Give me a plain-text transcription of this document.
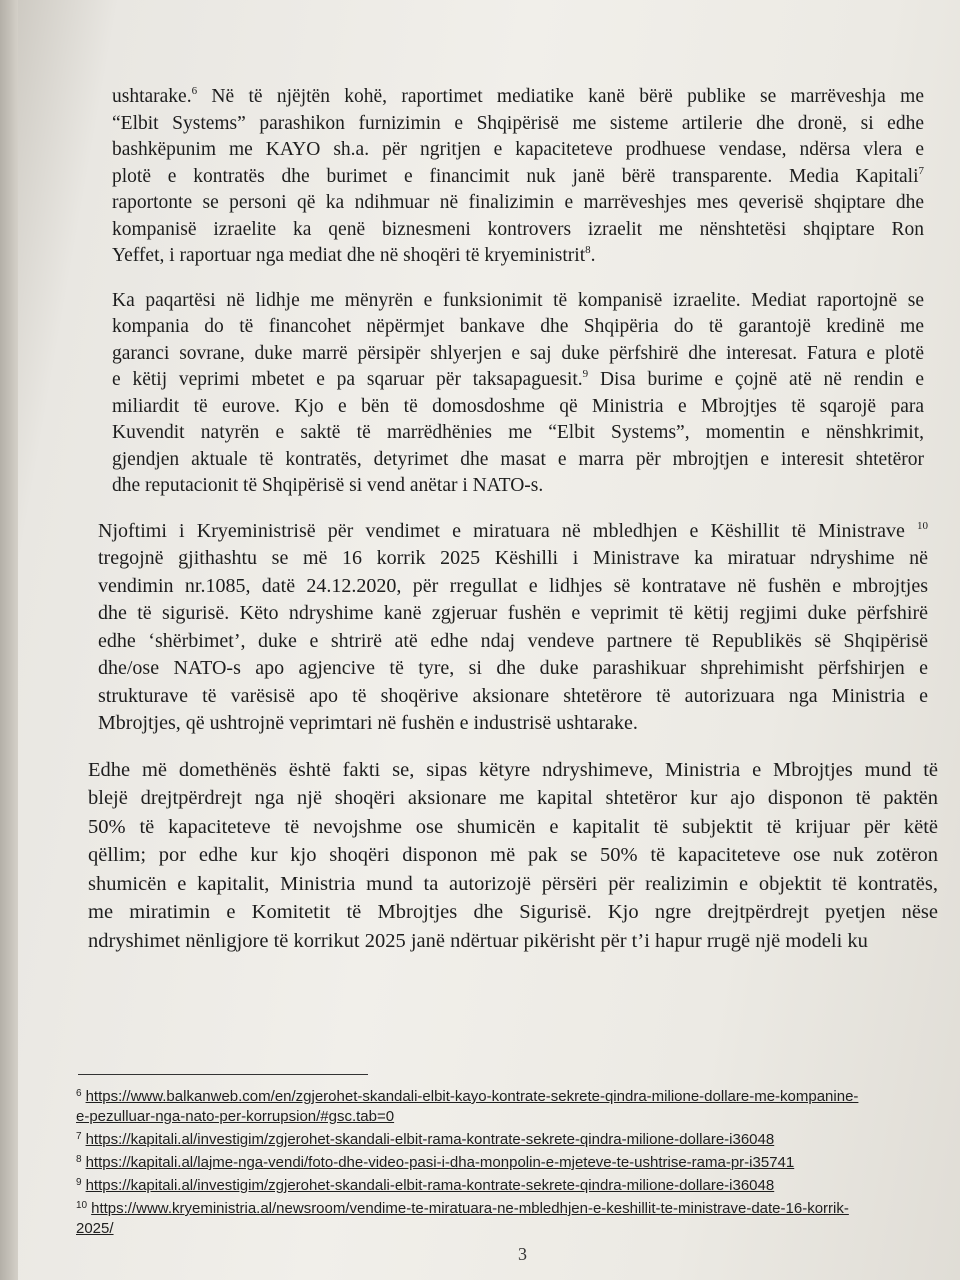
ushtarake.$^6$ Në të njëjtën kohë, raportimet mediatike kanë bërë publike se marrëveshja me
“Elbit Systems” parashikon furnizimin e Shqipërisë me sisteme artilerie dhe dronë, si edhe
bashkëpunim me KAYO sh.a. për ngritjen e kapaciteteve prodhuese vendase, ndërsa vlera e
plotë e kontratës dhe burimet e financimit nuk janë bërë transparente. Media Kapitali$^7$
raportonte se personi që ka ndihmuar në finalizimin e marrëveshjes mes qeverisë shqiptare dhe
kompanisë izraelite ka qenë biznesmeni kontrovers izraelit me nënshtetësi shqiptare Ron
Yeffet, i raportuar nga mediat dhe në shoqëri të kryeministrit$^8$.

Ka paqartësi në lidhje me mënyrën e funksionimit të kompanisë izraelite. Mediat raportojnë se
kompania do të financohet nëpërmjet bankave dhe Shqipëria do të garantojë kredinë me
garanci sovrane, duke marrë përsipër shlyerjen e saj duke përfshirë dhe interesat. Fatura e plotë
e këtij veprimi mbetet e pa sqaruar për taksapaguesit.$^9$ Disa burime e çojnë atë në rendin e
miliardit të eurove. Kjo e bën të domosdoshme që Ministria e Mbrojtjes të sqarojë para
Kuvendit natyrën e saktë të marrëdhënies me “Elbit Systems”, momentin e nënshkrimit,
gjendjen aktuale të kontratës, detyrimet dhe masat e marra për mbrojtjen e interesit shtetëror
dhe reputacionit të Shqipërisë si vend anëtar i NATO-s.

Njoftimi i Kryeministrisë për vendimet e miratuara në mbledhjen e Këshillit të Ministrave $^{10}$
tregojnë gjithashtu se më 16 korrik 2025 Këshilli i Ministrave ka miratuar ndryshime në
vendimin nr.1085, datë 24.12.2020, për rregullat e lidhjes së kontratave në fushën e mbrojtjes
dhe të sigurisë. Këto ndryshime kanë zgjeruar fushën e veprimit të këtij regjimi duke përfshirë
edhe ‘shërbimet’, duke e shtrirë atë edhe ndaj vendeve partnere të Republikës së Shqipërisë
dhe/ose NATO-s apo agjencive të tyre, si dhe duke parashikuar shprehimisht përfshirjen e
strukturave të varësisë apo të shoqërive aksionare shtetërore të autorizuara nga Ministria e
Mbrojtjes, që ushtrojnë veprimtari në fushën e industrisë ushtarake.

Edhe më domethënës është fakti se, sipas këtyre ndryshimeve, Ministria e Mbrojtjes mund të
blejë drejtpërdrejt nga një shoqëri aksionare me kapital shtetëror kur ajo disponon të paktën
50% të kapaciteteve të nevojshme ose shumicën e kapitalit të subjektit të krijuar për këtë
qëllim; por edhe kur kjo shoqëri disponon më pak se 50% të kapaciteteve ose nuk zotëron
shumicën e kapitalit, Ministria mund ta autorizojë përsëri për realizimin e objektit të kontratës,
me miratimin e Komitetit të Mbrojtjes dhe Sigurisë. Kjo ngre drejtpërdrejt pyetjen nëse
ndryshimet nënligjore të korrikut 2025 janë ndërtuar pikërisht për t’i hapur rrugë një modeli ku

$^6$ https://www.balkanweb.com/en/zgjerohet-skandali-elbit-kayo-kontrate-sekrete-qindra-milione-dollare-me-kompanine-
e-pezulluar-nga-nato-per-korrupsion/#gsc.tab=0
$^7$ https://kapitali.al/investigim/zgjerohet-skandali-elbit-rama-kontrate-sekrete-qindra-milione-dollare-i36048
$^8$ https://kapitali.al/lajme-nga-vendi/foto-dhe-video-pasi-i-dha-monpolin-e-mjeteve-te-ushtrise-rama-pr-i35741
$^9$ https://kapitali.al/investigim/zgjerohet-skandali-elbit-rama-kontrate-sekrete-qindra-milione-dollare-i36048
$^{10}$ https://www.kryeministria.al/newsroom/vendime-te-miratuara-ne-mbledhjen-e-keshillit-te-ministrave-date-16-korrik-
2025/
3
